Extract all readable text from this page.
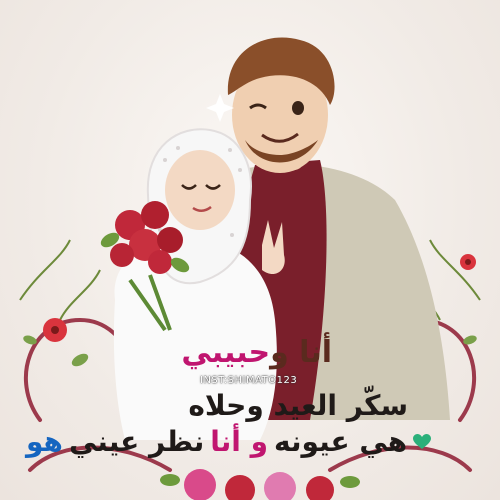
أنا وحبيبي
INST:SHIMATO123
سكّر العيد وحلاه
هو نظر عيني و أنا هي عيونه
